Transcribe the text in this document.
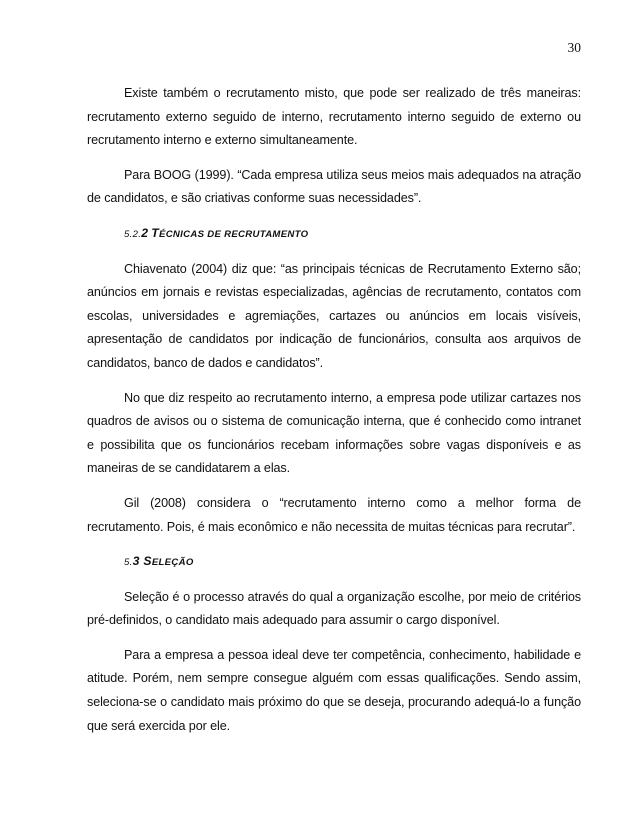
30

Existe também o recrutamento misto, que pode ser realizado de três maneiras: recrutamento externo seguido de interno, recrutamento interno seguido de externo ou recrutamento interno e externo simultaneamente.

Para BOOG (1999). “Cada empresa utiliza seus meios mais adequados na atração de candidatos, e são criativas conforme suas necessidades”.

5.2.2 TÉCNICAS DE RECRUTAMENTO

Chiavenato (2004) diz que: “as principais técnicas de Recrutamento Externo são; anúncios em jornais e revistas especializadas, agências de recrutamento, contatos com escolas, universidades e agremiações, cartazes ou anúncios em locais visíveis, apresentação de candidatos por indicação de funcionários, consulta aos arquivos de candidatos, banco de dados e candidatos”.

No que diz respeito ao recrutamento interno, a empresa pode utilizar cartazes nos quadros de avisos ou o sistema de comunicação interna, que é conhecido como intranet e possibilita que os funcionários recebam informações sobre vagas disponíveis e as maneiras de se candidatarem a elas.

Gil (2008) considera o “recrutamento interno como a melhor forma de recrutamento. Pois, é mais econômico e não necessita de muitas técnicas para recrutar”.

5.3 SELEÇÃO

Seleção é o processo através do qual a organização escolhe, por meio de critérios pré-definidos, o candidato mais adequado para assumir o cargo disponível.

Para a empresa a pessoa ideal deve ter competência, conhecimento, habilidade e atitude. Porém, nem sempre consegue alguém com essas qualificações. Sendo assim, seleciona-se o candidato mais próximo do que se deseja, procurando adequá-lo a função que será exercida por ele.
